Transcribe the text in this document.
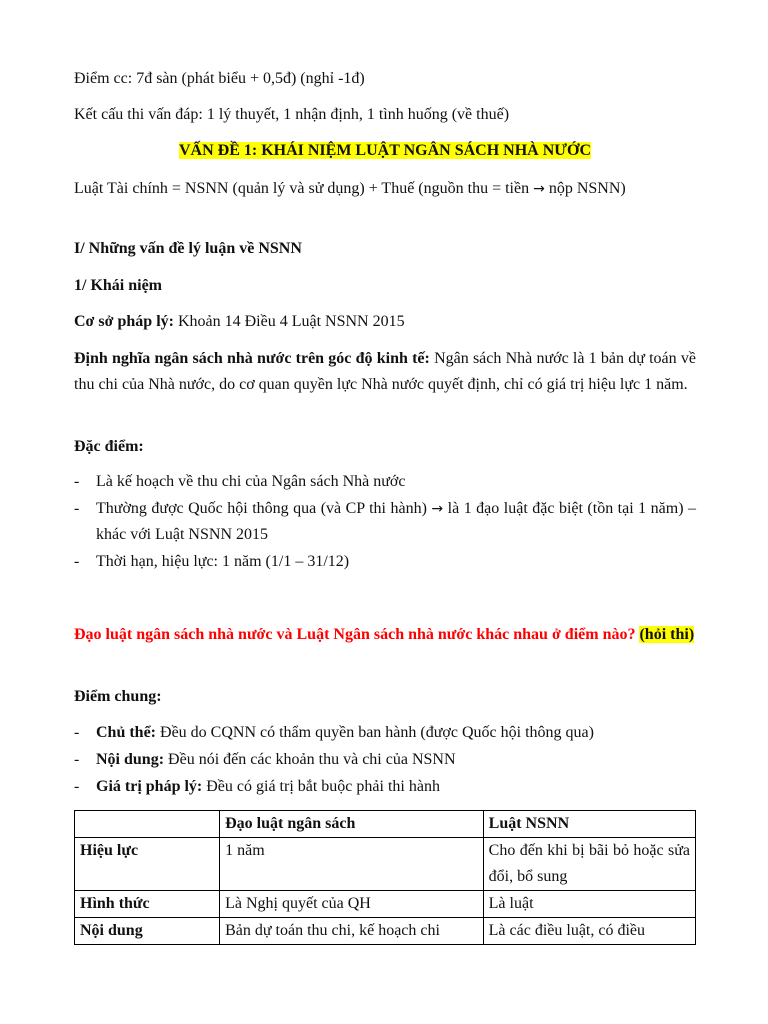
Điểm cc: 7đ sàn (phát biểu + 0,5đ) (nghỉ -1đ)

Kết cấu thi vấn đáp: 1 lý thuyết, 1 nhận định, 1 tình huống (về thuế)

VẤN ĐỀ 1: KHÁI NIỆM LUẬT NGÂN SÁCH NHÀ NƯỚC

Luật Tài chính = NSNN (quản lý và sử dụng) + Thuế (nguồn thu = tiền → nộp NSNN)

I/ Những vấn đề lý luận về NSNN

1/ Khái niệm

Cơ sở pháp lý: Khoản 14 Điều 4 Luật NSNN 2015

Định nghĩa ngân sách nhà nước trên góc độ kinh tế: Ngân sách Nhà nước là 1 bản dự toán về thu chi của Nhà nước, do cơ quan quyền lực Nhà nước quyết định, chỉ có giá trị hiệu lực 1 năm.

Đặc điểm:

- Là kế hoạch về thu chi của Ngân sách Nhà nước
- Thường được Quốc hội thông qua (và CP thi hành) → là 1 đạo luật đặc biệt (tồn tại 1 năm) – khác với Luật NSNN 2015
- Thời hạn, hiệu lực: 1 năm (1/1 – 31/12)

Đạo luật ngân sách nhà nước và Luật Ngân sách nhà nước khác nhau ở điểm nào? (hỏi thi)

Điểm chung:

- Chủ thể: Đều do CQNN có thẩm quyền ban hành (được Quốc hội thông qua)
- Nội dung: Đều nói đến các khoản thu và chi của NSNN
- Giá trị pháp lý: Đều có giá trị bắt buộc phải thi hành
	Đạo luật ngân sách	Luật NSNN
Hiệu lực	1 năm	Cho đến khi bị bãi bỏ hoặc sửa đổi, bổ sung
Hình thức	Là Nghị quyết của QH	Là luật
Nội dung	Bản dự toán thu chi, kế hoạch chi	Là các điều luật, có điều
